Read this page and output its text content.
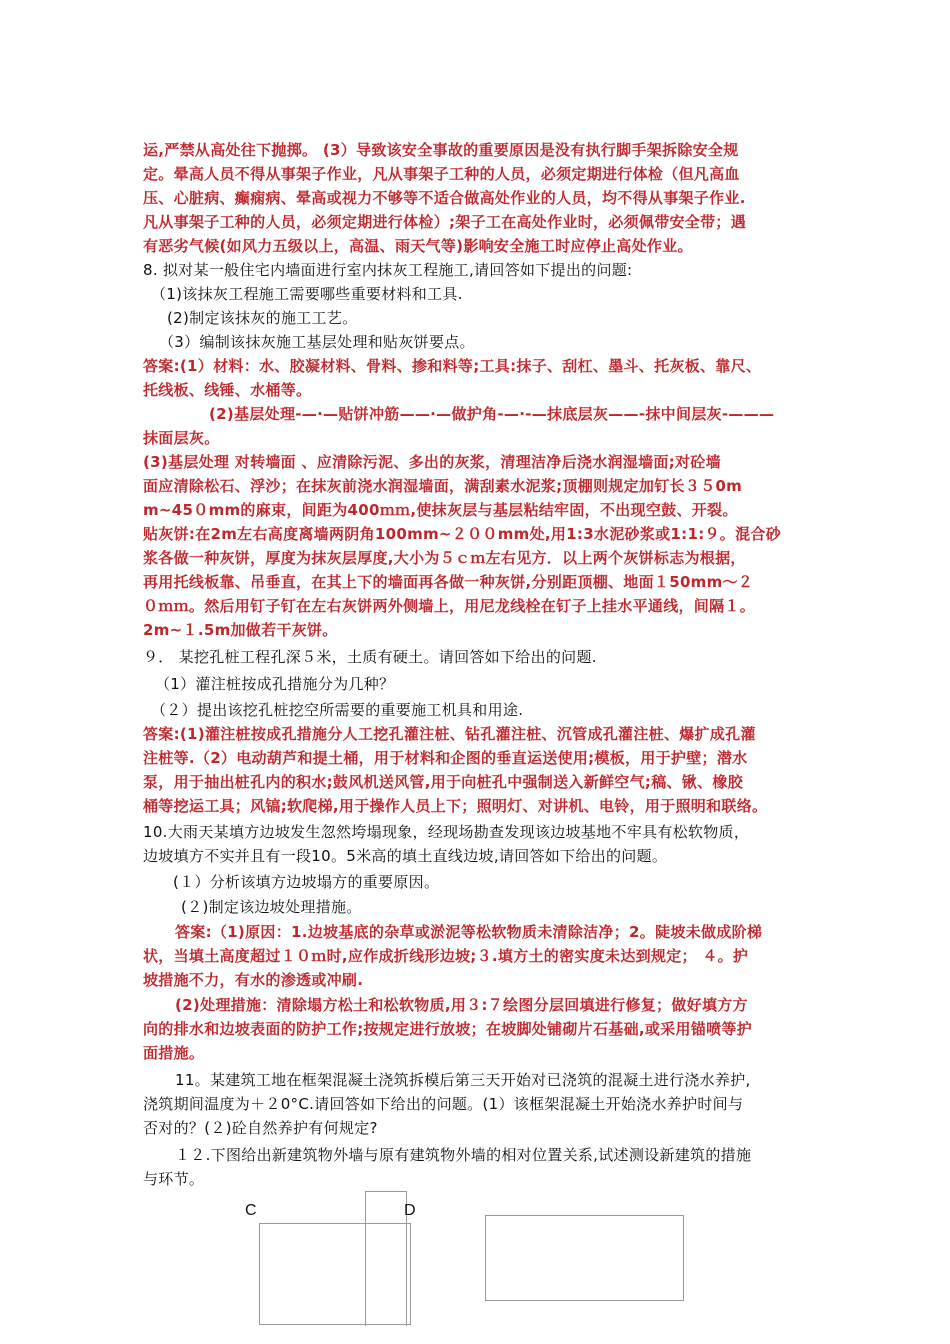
运,严禁从高处往下抛掷。 (3）导致该安全事故的重要原因是没有执行脚手架拆除安全规
定。晕高人员不得从事架子作业，凡从事架子工种的人员，必须定期进行体检（但凡高血
压、心脏病、癫痫病、晕高或视力不够等不适合做高处作业的人员，均不得从事架子作业.
凡从事架子工种的人员，必须定期进行体检）;架子工在高处作业时，必须佩带安全带；遇
有恶劣气候(如风力五级以上，高温、雨天气等)影响安全施工时应停止高处作业。
8. 拟对某一般住宅内墙面进行室内抹灰工程施工,请回答如下提出的问题:
（1)该抹灰工程施工需要哪些重要材料和工具.
(2)制定该抹灰的施工工艺。
（3）编制该抹灰施工基层处理和贴灰饼要点。
答案:(1）材料：水、胶凝材料、骨料、掺和料等;工具:抹子、刮杠、墨斗、托灰板、靠尺、
托线板、线锤、水桶等。
(2)基层处理-—·—贴饼冲筋——·—做护角-—·-—抹底层灰——-抹中间层灰-———
抹面层灰。
(3)基层处理 对转墙面 、应清除污泥、多出的灰浆，清理洁净后浇水润湿墙面;对砼墙
面应清除松石、浮沙；在抹灰前浇水润湿墙面，满刮素水泥浆;顶棚则规定加钉长３５0m
m~45０mm的麻束，间距为400ｍｍ,使抹灰层与基层粘结牢固，不出现空鼓、开裂。
贴灰饼:在2m左右高度离墙两阴角100mm~２００mm处,用1:3水泥砂浆或1:1:９。混合砂
浆各做一种灰饼，厚度为抹灰层厚度,大小为５ｃｍ左右见方．以上两个灰饼标志为根据，
再用托线板靠、吊垂直，在其上下的墙面再各做一种灰饼,分别距顶棚、地面１50mm～２
０ｍｍ。然后用钉子钉在左右灰饼两外侧墙上，用尼龙线栓在钉子上挂水平通线，间隔１。
2m~１.5m加做若干灰饼。
９． 某挖孔桩工程孔深５米，土质有硬土。请回答如下给出的问题.
（1）灌注桩按成孔措施分为几种？
（２）提出该挖孔桩挖空所需要的重要施工机具和用途.
答案:(1)灌注桩按成孔措施分人工挖孔灌注桩、钻孔灌注桩、沉管成孔灌注桩、爆扩成孔灌
注桩等.（2）电动葫芦和提土桶，用于材料和企图的垂直运送使用;模板，用于护壁；潜水
泵，用于抽出桩孔内的积水;鼓风机送风管,用于向桩孔中强制送入新鲜空气;稿、锹、橡胶
桶等挖运工具；风镐;软爬梯,用于操作人员上下；照明灯、对讲机、电铃，用于照明和联络。
10.大雨天某填方边坡发生忽然垮塌现象，经现场勘查发现该边坡基地不牢具有松软物质，
边坡填方不实并且有一段10。5米高的填土直线边坡,请回答如下给出的问题。
(１）分析该填方边坡塌方的重要原因。
(２)制定该边坡处理措施。
答案:（1)原因：1.边坡基底的杂草或淤泥等松软物质未清除洁净；2。陡坡未做成阶梯
状，当填土高度超过１０ｍ时,应作成折线形边坡;３.填方土的密实度未达到规定； ４。护
坡措施不力，有水的渗透或冲刷.
(2)处理措施：清除塌方松土和松软物质,用３:７绘图分层回填进行修复；做好填方方
向的排水和边坡表面的防护工作;按规定进行放坡；在坡脚处铺砌片石基础,或采用锚喷等护
面措施。
11。某建筑工地在框架混凝土浇筑拆模后第三天开始对已浇筑的混凝土进行浇水养护,
浇筑期间温度为＋２0°C.请回答如下给出的问题。(1）该框架混凝土开始浇水养护时间与
否对的？(２)砼自然养护有何规定?
１２.下图给出新建筑物外墙与原有建筑物外墙的相对位置关系,试述测设新建筑的措施
与环节。
C	D
